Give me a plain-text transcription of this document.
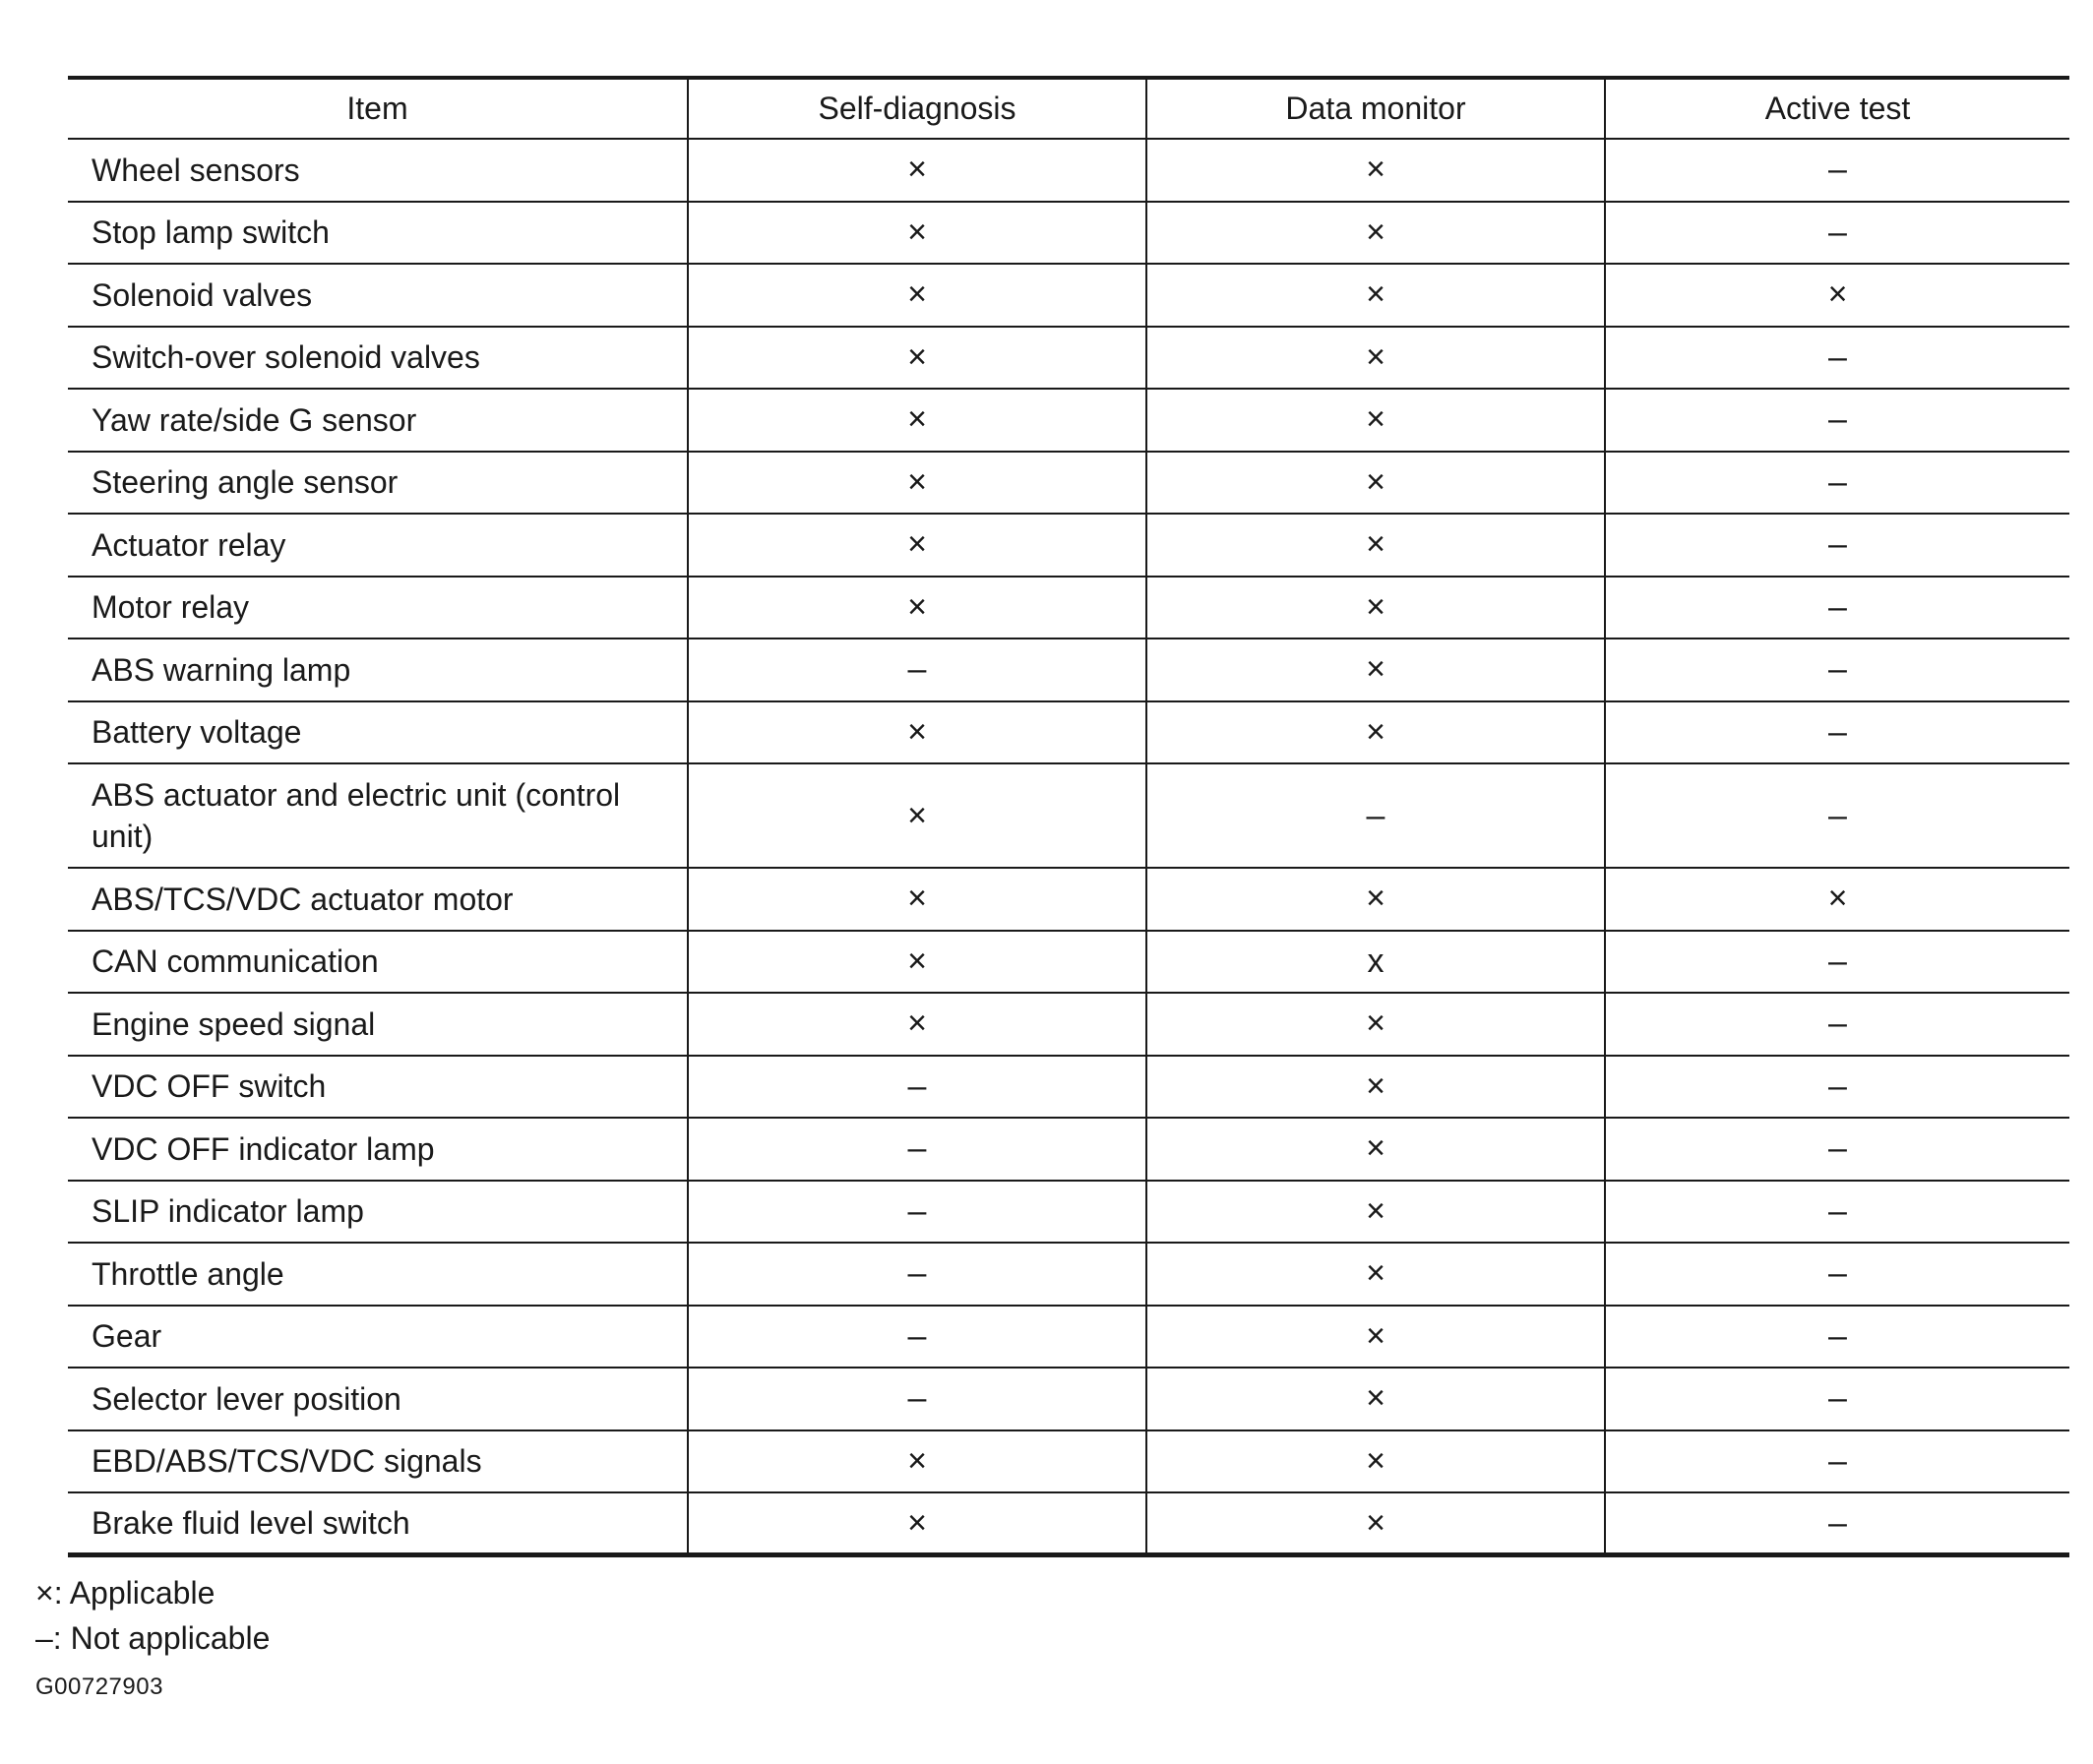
Item	Self-diagnosis	Data monitor	Active test
Wheel sensors	×	×	–
Stop lamp switch	×	×	–
Solenoid valves	×	×	×
Switch-over solenoid valves	×	×	–
Yaw rate/side G sensor	×	×	–
Steering angle sensor	×	×	–
Actuator relay	×	×	–
Motor relay	×	×	–
ABS warning lamp	–	×	–
Battery voltage	×	×	–
ABS actuator and electric unit (control unit)	×	–	–
ABS/TCS/VDC actuator motor	×	×	×
CAN communication	×	x	–
Engine speed signal	×	×	–
VDC OFF switch	–	×	–
VDC OFF indicator lamp	–	×	–
SLIP indicator lamp	–	×	–
Throttle angle	–	×	–
Gear	–	×	–
Selector lever position	–	×	–
EBD/ABS/TCS/VDC signals	×	×	–
Brake fluid level switch	×	×	–
×: Applicable
–: Not applicable
G00727903
